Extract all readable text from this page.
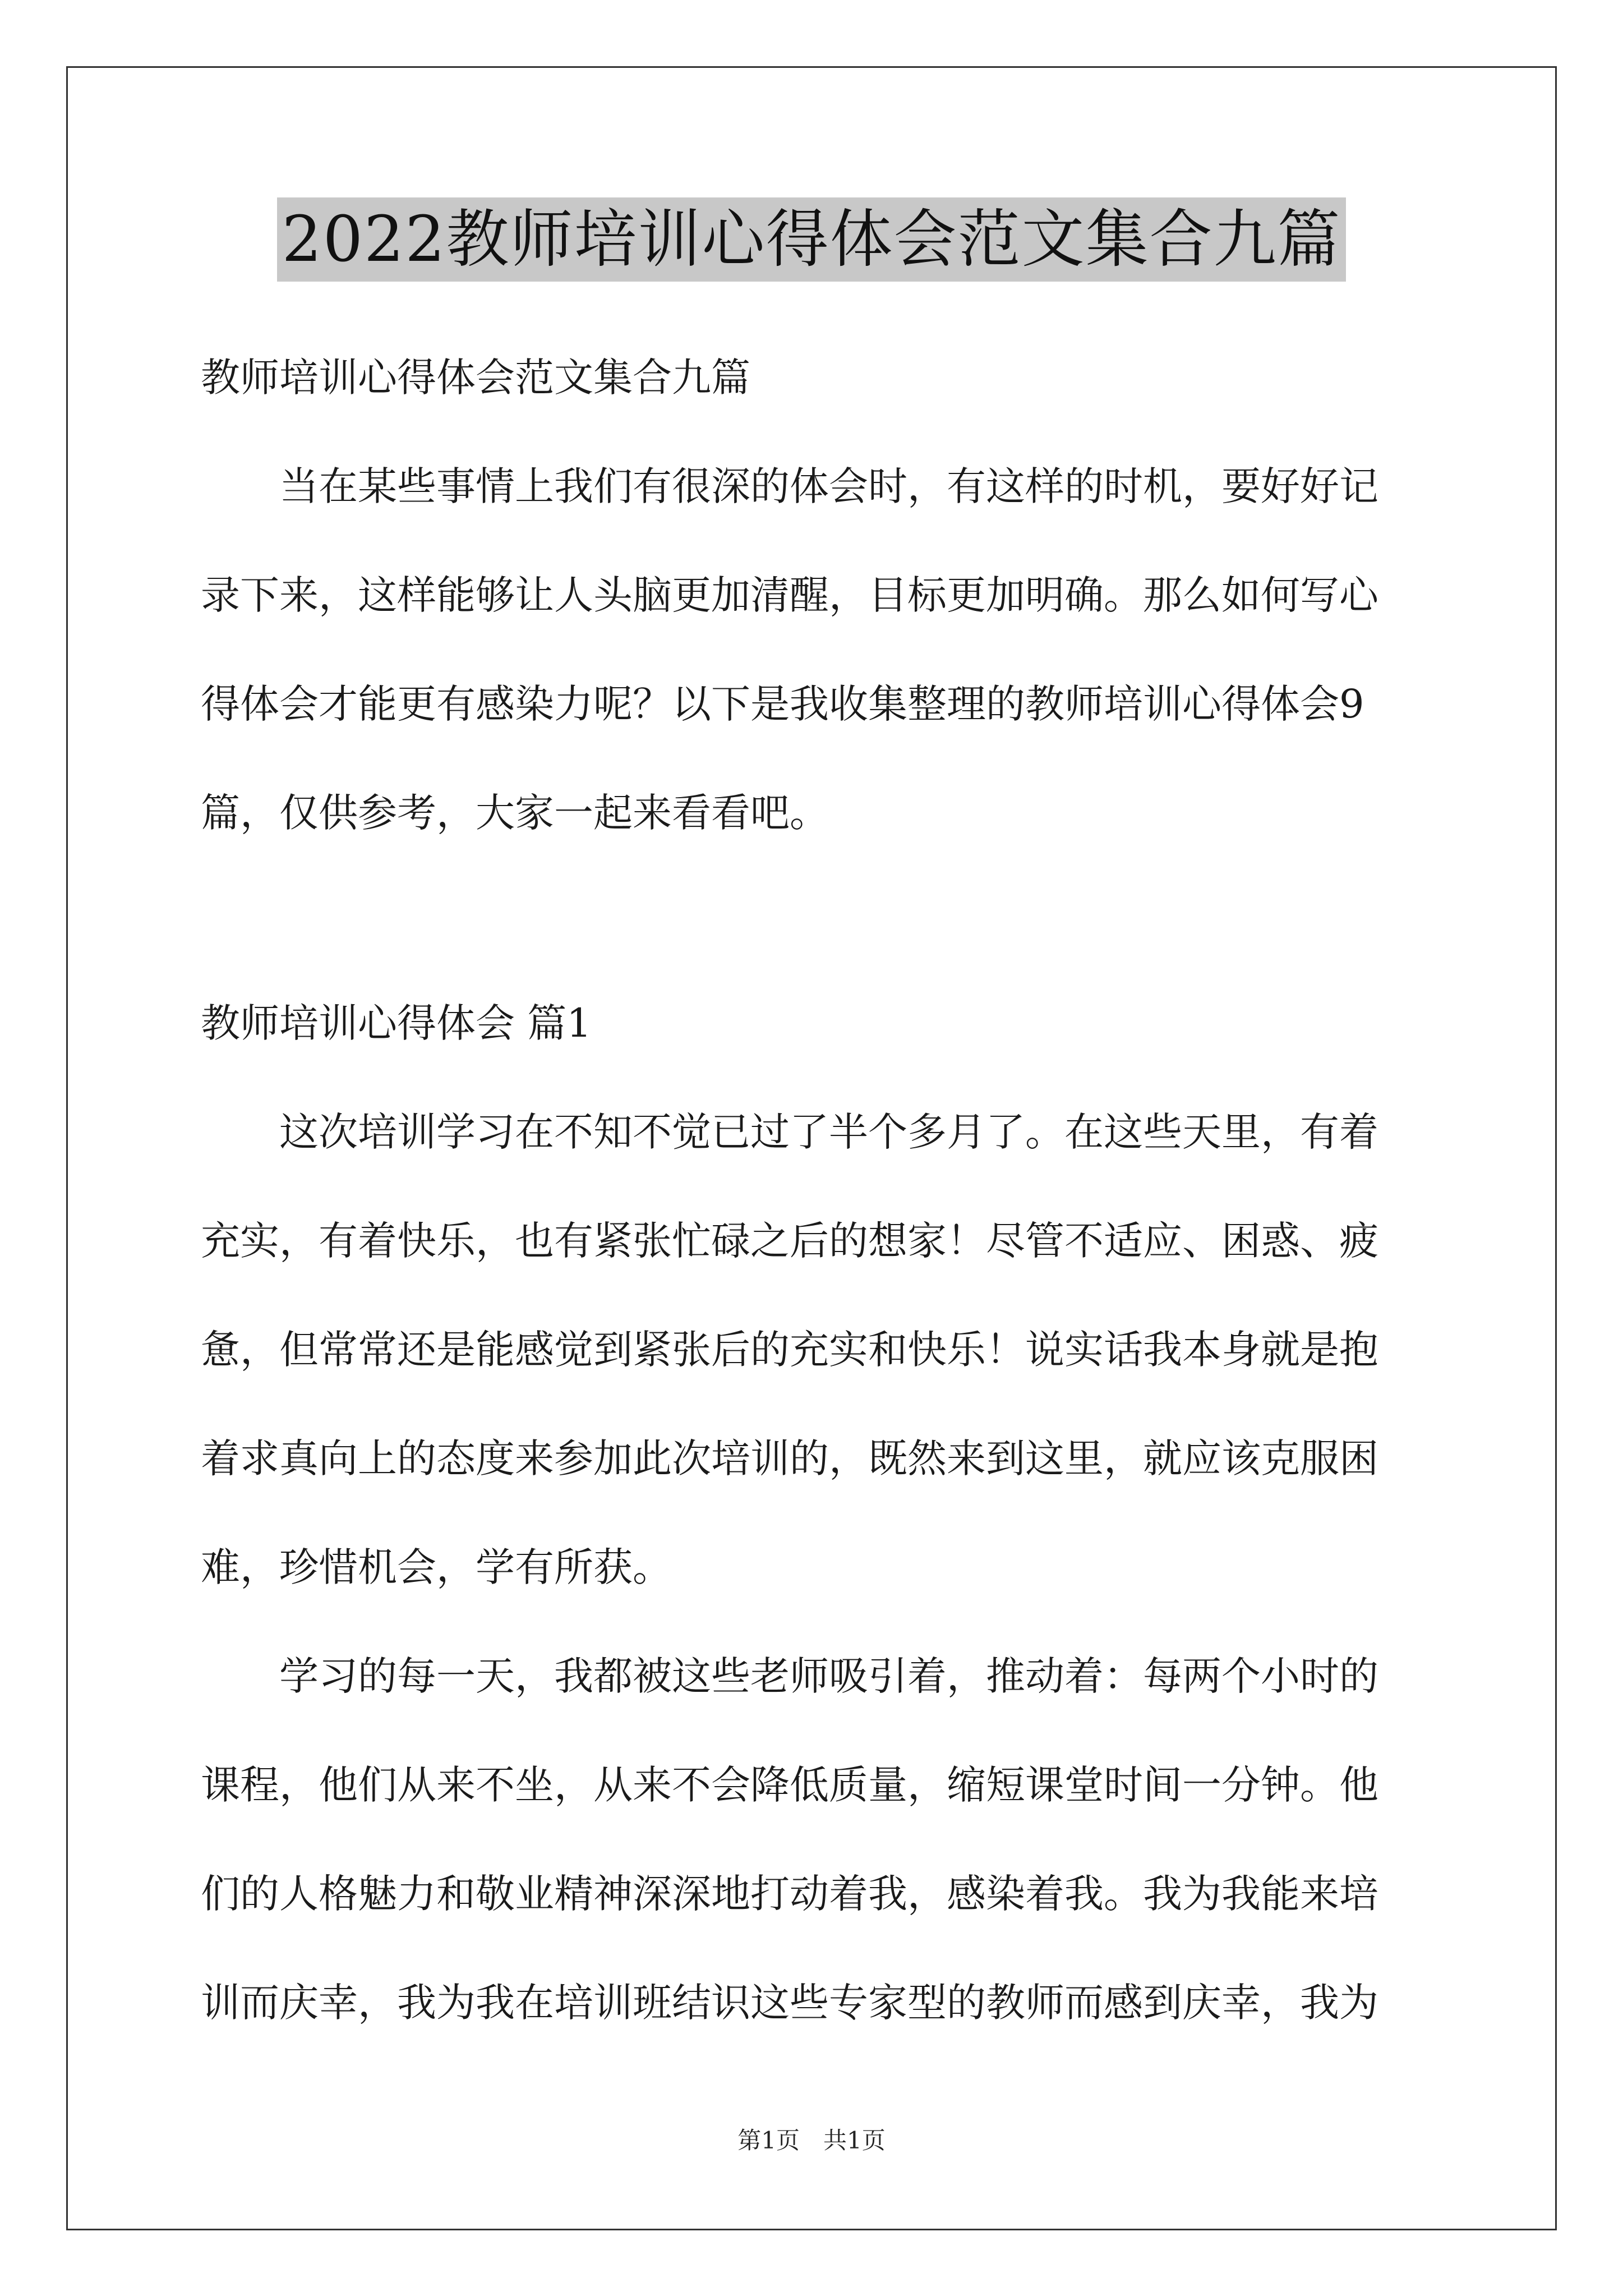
2022教师培训心得体会范文集合九篇
教师培训心得体会范文集合九篇
　　当在某些事情上我们有很深的体会时，有这样的时机，要好好记
录下来，这样能够让人头脑更加清醒，目标更加明确。那么如何写心
得体会才能更有感染力呢？以下是我收集整理的教师培训心得体会9
篇，仅供参考，大家一起来看看吧。
教师培训心得体会 篇1
　　这次培训学习在不知不觉已过了半个多月了。在这些天里，有着
充实，有着快乐，也有紧张忙碌之后的想家！尽管不适应、困惑、疲
惫，但常常还是能感觉到紧张后的充实和快乐！说实话我本身就是抱
着求真向上的态度来参加此次培训的，既然来到这里，就应该克服困
难，珍惜机会，学有所获。
　　学习的每一天，我都被这些老师吸引着，推动着：每两个小时的
课程，他们从来不坐，从来不会降低质量，缩短课堂时间一分钟。他
们的人格魅力和敬业精神深深地打动着我，感染着我。我为我能来培
训而庆幸，我为我在培训班结识这些专家型的教师而感到庆幸，我为
第1页　共1页
